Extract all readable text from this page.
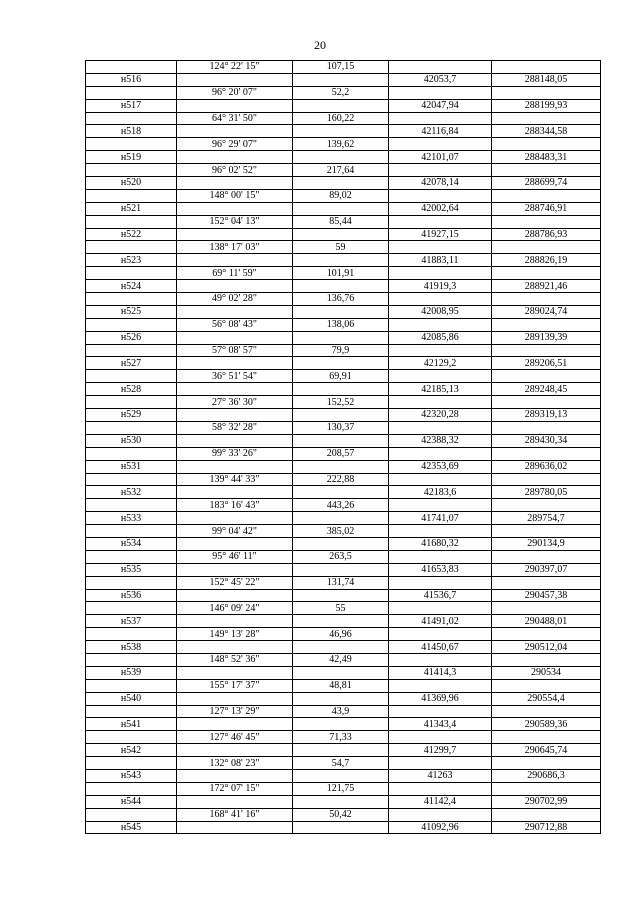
20
	124° 22' 15"	107,15		
н516			42053,7	288148,05
	96° 20' 07"	52,2		
н517			42047,94	288199,93
	64° 31' 50"	160,22		
н518			42116,84	288344,58
	96° 29' 07"	139,62		
н519			42101,07	288483,31
	96° 02' 52"	217,64		
н520			42078,14	288699,74
	148° 00' 15"	89,02		
н521			42002,64	288746,91
	152° 04' 13"	85,44		
н522			41927,15	288786,93
	138° 17' 03"	59		
н523			41883,11	288826,19
	69° 11' 59"	101,91		
н524			41919,3	288921,46
	49° 02' 28"	136,76		
н525			42008,95	289024,74
	56° 08' 43"	138,06		
н526			42085,86	289139,39
	57° 08' 57"	79,9		
н527			42129,2	289206,51
	36° 51' 54"	69,91		
н528			42185,13	289248,45
	27° 36' 30"	152,52		
н529			42320,28	289319,13
	58° 32' 28"	130,37		
н530			42388,32	289430,34
	99° 33' 26"	208,57		
н531			42353,69	289636,02
	139° 44' 33"	222,88		
н532			42183,6	289780,05
	183° 16' 43"	443,26		
н533			41741,07	289754,7
	99° 04' 42"	385,02		
н534			41680,32	290134,9
	95° 46' 11"	263,5		
н535			41653,83	290397,07
	152° 45' 22"	131,74		
н536			41536,7	290457,38
	146° 09' 24"	55		
н537			41491,02	290488,01
	149° 13' 28"	46,96		
н538			41450,67	290512,04
	148° 52' 36"	42,49		
н539			41414,3	290534
	155° 17' 37"	48,81		
н540			41369,96	290554,4
	127° 13' 29"	43,9		
н541			41343,4	290589,36
	127° 46' 45"	71,33		
н542			41299,7	290645,74
	132° 08' 23"	54,7		
н543			41263	290686,3
	172° 07' 15"	121,75		
н544			41142,4	290702,99
	168° 41' 16"	50,42		
н545			41092,96	290712,88
